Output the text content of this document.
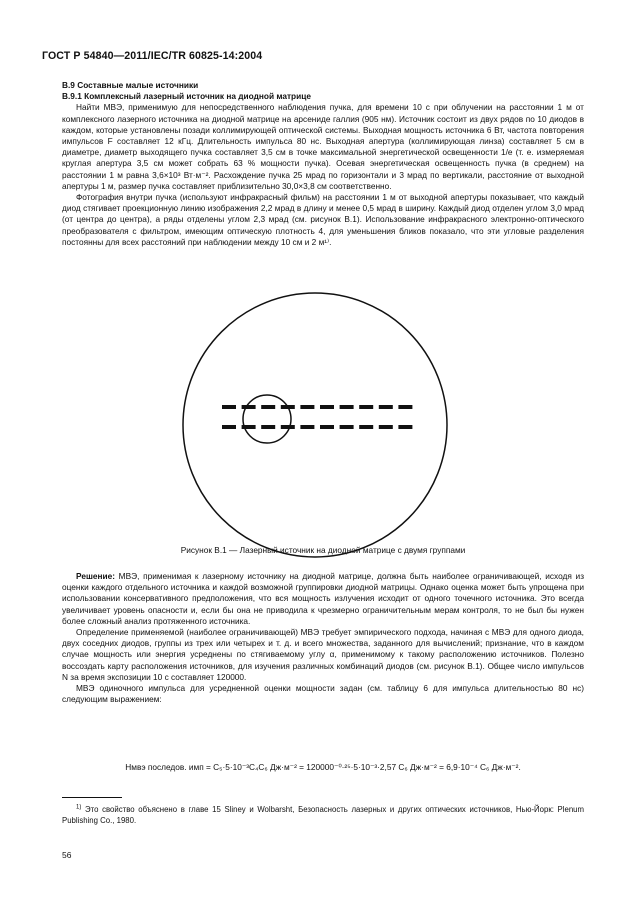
ГОСТ Р 54840—2011/IEC/TR 60825-14:2004
B.9 Составные малые источники
B.9.1 Комплексный лазерный источник на диодной матрице

Найти МВЭ, применимую для непосредственного наблюдения пучка, для времени 10 с при облучении на расстоянии 1 м от комплексного лазерного источника на диодной матрице на арсениде галлия (905 нм). Источник состоит из двух рядов по 10 диодов в каждом, которые установлены позади коллимирующей оптической системы. Выходная мощность источника 6 Вт, частота повторения импульсов F составляет 12 кГц. Длительность импульса 80 нс. Выходная апертура (коллимирующая линза) составляет 5 см в диаметре, диаметр выходящего пучка составляет 3,5 см в точке максимальной энергетической освещенности 1/e (т. е. измеряемая круглая апертура 3,5 см может собрать 63 % мощности пучка). Осевая энергетическая освещенность пучка (в среднем) на расстоянии 1 м равна 3,6×10³ Вт·м⁻². Расхождение пучка 25 мрад по горизонтали и 3 мрад по вертикали, расстояние от выходной апертуры 1 м, размер пучка составляет приблизительно 30,0×3,8 см соответственно.

Фотография внутри пучка (используют инфракрасный фильм) на расстоянии 1 м от выходной апертуры показывает, что каждый диод стягивает проекционную линию изображения 2,2 мрад в длину и менее 0,5 мрад в ширину. Каждый диод отделен углом 3,0 мрад (от центра до центра), а ряды отделены углом 2,3 мрад (см. рисунок B.1). Использование инфракрасного электронно-оптического преобразователя с фильтром, имеющим оптическую плотность 4, для уменьшения бликов показало, что эти угловые разделения постоянны для всех расстояний при наблюдении между 10 см и 2 м¹⁾.

Рисунок B.1 — Лазерный источник на диодной матрице с двумя группами

Решение: МВЭ, применимая к лазерному источнику на диодной матрице, должна быть наиболее ограничивающей, исходя из оценки каждого отдельного источника и каждой возможной группировки диодной матрицы. Однако оценка может быть упрощена при использовании консервативного предположения, что вся мощность излучения исходит от одного точечного источника. Это всегда увеличивает уровень опасности и, если бы она не приводила к чрезмерно ограничительным мерам контроля, то не был бы нужен более сложный анализ протяженного источника.

Определение применяемой (наиболее ограничивающей) МВЭ требует эмпирического подхода, начиная с МВЭ для одного диода, двух соседних диодов, группы из трех или четырех и т. д. и всего множества, заданного для вычислений; признание, что в каждом случае мощность или энергия усреднены по стягиваемому углу α, применимому к такому расположению источников. Полезно воссоздать карту расположения источников, для изучения различных комбинаций диодов (см. рисунок B.1). Общее число импульсов N за время экспозиции 10 с составляет 120000.

МВЭ одиночного импульса для усредненной оценки мощности задан (см. таблицу 6 для импульса длительностью 80 нс) следующим выражением:

Hᴍʙэ последов. имп = C₅·5·10⁻³C₄C₆ Дж·м⁻² = 120000⁻⁰·²⁵·5·10⁻³·2,57 C₆ Дж·м⁻² = 6,9·10⁻⁴ C₆ Дж·м⁻².
$^{1)}$ Это свойство объяснено в главе 15 Sliney и Wolbarsht, Безопасность лазерных и других оптических источников, Нью-Йорк: Plenum Publishing Co., 1980.
56
